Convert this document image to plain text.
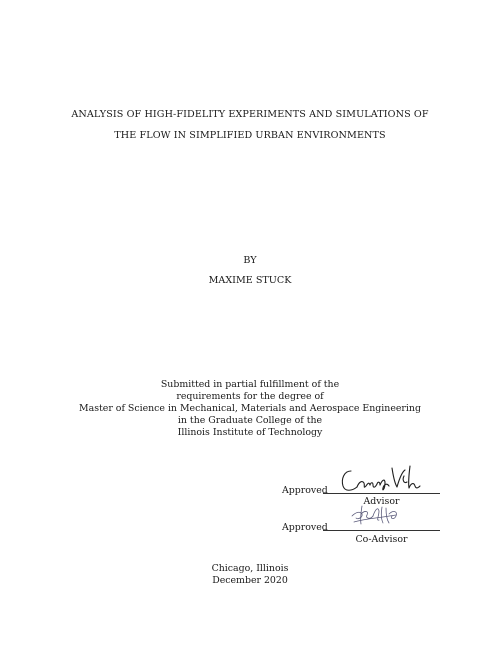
ANALYSIS OF HIGH-FIDELITY EXPERIMENTS AND SIMULATIONS OF
THE FLOW IN SIMPLIFIED URBAN ENVIRONMENTS
BY
MAXIME STUCK
Submitted in partial fulfillment of the
requirements for the degree of
Master of Science in Mechanical, Materials and Aerospace Engineering
in the Graduate College of the
Illinois Institute of Technology
Approved
Advisor
Approved
Co-Advisor
Chicago, Illinois
December 2020
